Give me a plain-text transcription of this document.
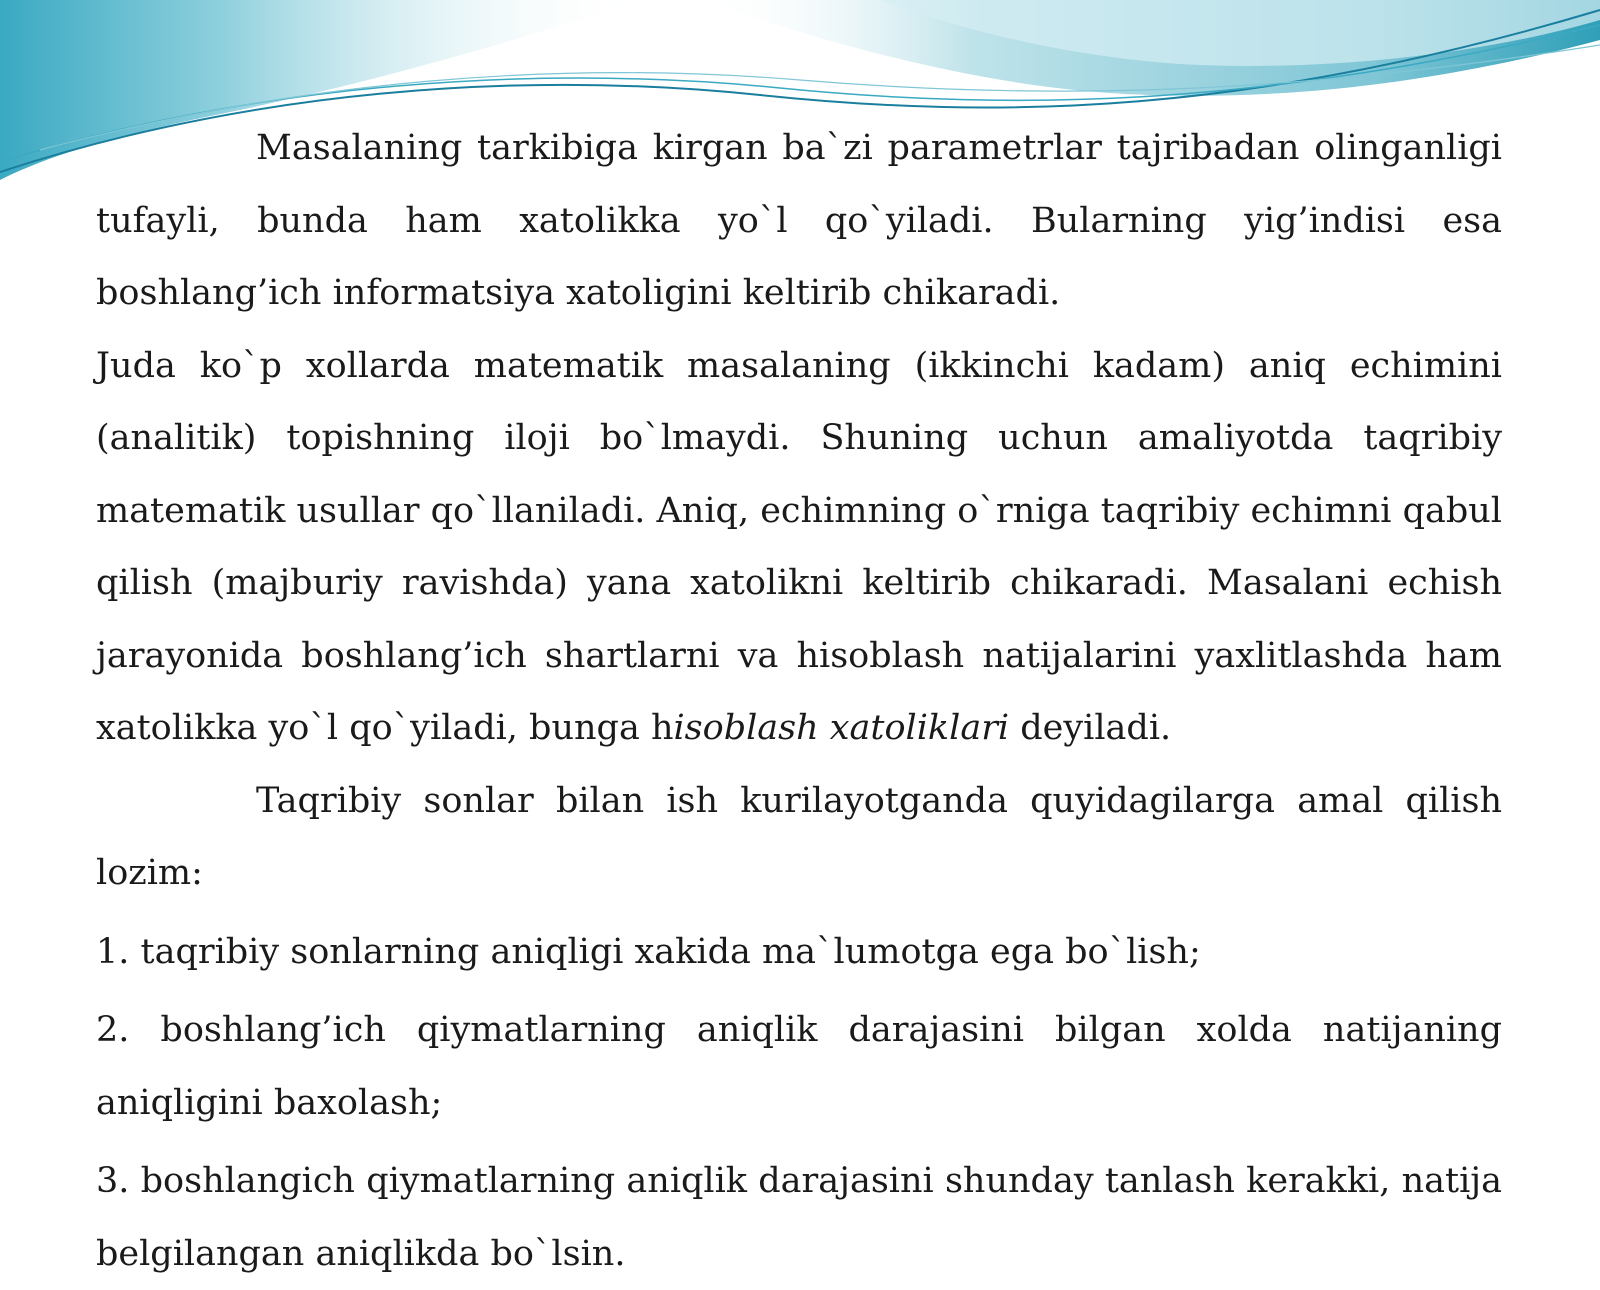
Masalaning tarkibiga kirgan ba`zi parametrlar tajribadan olinganligi tufayli, bunda ham xatolikka yo`l qo`yiladi. Bularning yig’indisi esa boshlang’ich informatsiya xatoligini keltirib chikaradi.

Juda ko`p xollarda matematik masalaning (ikkinchi kadam) aniq echimini (analitik) topishning iloji bo`lmaydi. Shuning uchun amaliyotda taqribiy matematik usullar qo`llaniladi. Aniq, echimning o`rniga taqribiy echimni qabul qilish (majburiy ravishda) yana xatolikni keltirib chikaradi. Masalani echish jarayonida boshlang’ich shartlarni va hisoblash natijalarini yaxlitlashda ham xatolikka yo`l qo`yiladi, bunga hisoblash xatoliklari deyiladi.

Taqribiy sonlar bilan ish kurilayotganda quyidagilarga amal qilish lozim:

1. taqribiy sonlarning aniqligi xakida ma`lumotga ega bo`lish;

2. boshlang’ich qiymatlarning aniqlik darajasini bilgan xolda natijaning aniqligini baxolash;

3. boshlangich qiymatlarning aniqlik darajasini shunday tanlash kerakki, natija belgilangan aniqlikda bo`lsin.
